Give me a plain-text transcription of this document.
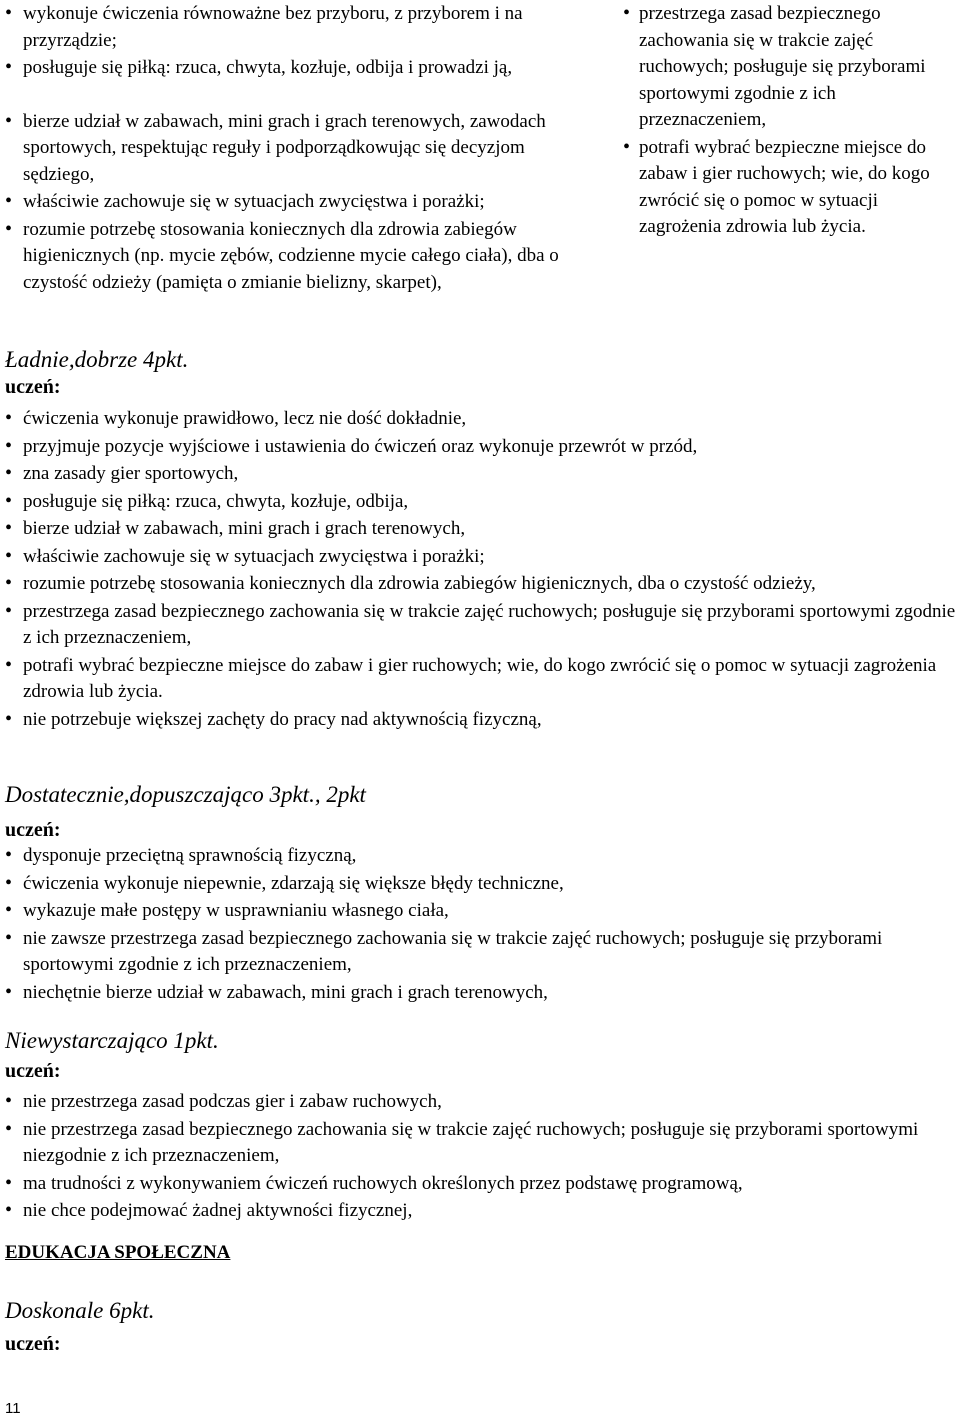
• wykonuje ćwiczenia równoważne bez przyboru, z przyborem i na przyrządzie;
• posługuje się piłką: rzuca, chwyta, kozłuje, odbija i prowadzi ją,
• bierze udział w zabawach, mini grach i grach terenowych, zawodach sportowych, respektując reguły i podporządkowując się decyzjom sędziego,
• właściwie zachowuje się w sytuacjach zwycięstwa i porażki;
• rozumie potrzebę stosowania koniecznych dla zdrowia zabiegów higienicznych (np. mycie zębów, codzienne mycie całego ciała), dba o czystość odzieży (pamięta o zmianie bielizny, skarpet),
• przestrzega zasad bezpiecznego zachowania się w trakcie zajęć ruchowych; posługuje się przyborami sportowymi zgodnie z ich przeznaczeniem,
• potrafi wybrać bezpieczne miejsce do zabaw i gier ruchowych; wie, do kogo zwrócić się o pomoc w sytuacji zagrożenia zdrowia lub życia.
Ładnie,dobrze 4pkt.
uczeń:
• ćwiczenia wykonuje prawidłowo, lecz nie dość dokładnie,
• przyjmuje pozycje wyjściowe i ustawienia do ćwiczeń oraz wykonuje przewrót w przód,
• zna zasady gier sportowych,
• posługuje się piłką: rzuca, chwyta, kozłuje, odbija,
• bierze udział w zabawach, mini grach i grach terenowych,
• właściwie zachowuje się w sytuacjach zwycięstwa i porażki;
• rozumie potrzebę stosowania koniecznych dla zdrowia zabiegów higienicznych, dba o czystość odzieży,
• przestrzega zasad bezpiecznego zachowania się w trakcie zajęć ruchowych; posługuje się przyborami sportowymi zgodnie z ich przeznaczeniem,
• potrafi wybrać bezpieczne miejsce do zabaw i gier ruchowych; wie, do kogo zwrócić się o pomoc w sytuacji zagrożenia zdrowia lub życia.
• nie potrzebuje większej zachęty do pracy nad aktywnością fizyczną,
Dostatecznie,dopuszczająco 3pkt., 2pkt
uczeń:
• dysponuje przeciętną sprawnością fizyczną,
• ćwiczenia wykonuje niepewnie, zdarzają się większe błędy techniczne,
• wykazuje małe postępy w usprawnianiu własnego ciała,
• nie zawsze przestrzega zasad bezpiecznego zachowania się w trakcie zajęć ruchowych; posługuje się przyborami sportowymi zgodnie z ich przeznaczeniem,
• niechętnie bierze udział w zabawach, mini grach i grach terenowych,
Niewystarczająco 1pkt.
uczeń:
• nie przestrzega zasad podczas gier i zabaw ruchowych,
• nie przestrzega zasad bezpiecznego zachowania się w trakcie zajęć ruchowych; posługuje się przyborami sportowymi niezgodnie z ich przeznaczeniem,
• ma trudności z wykonywaniem ćwiczeń ruchowych określonych przez podstawę programową,
• nie chce podejmować żadnej aktywności fizycznej,
EDUKACJA SPOŁECZNA
Doskonale 6pkt.
uczeń:
11
